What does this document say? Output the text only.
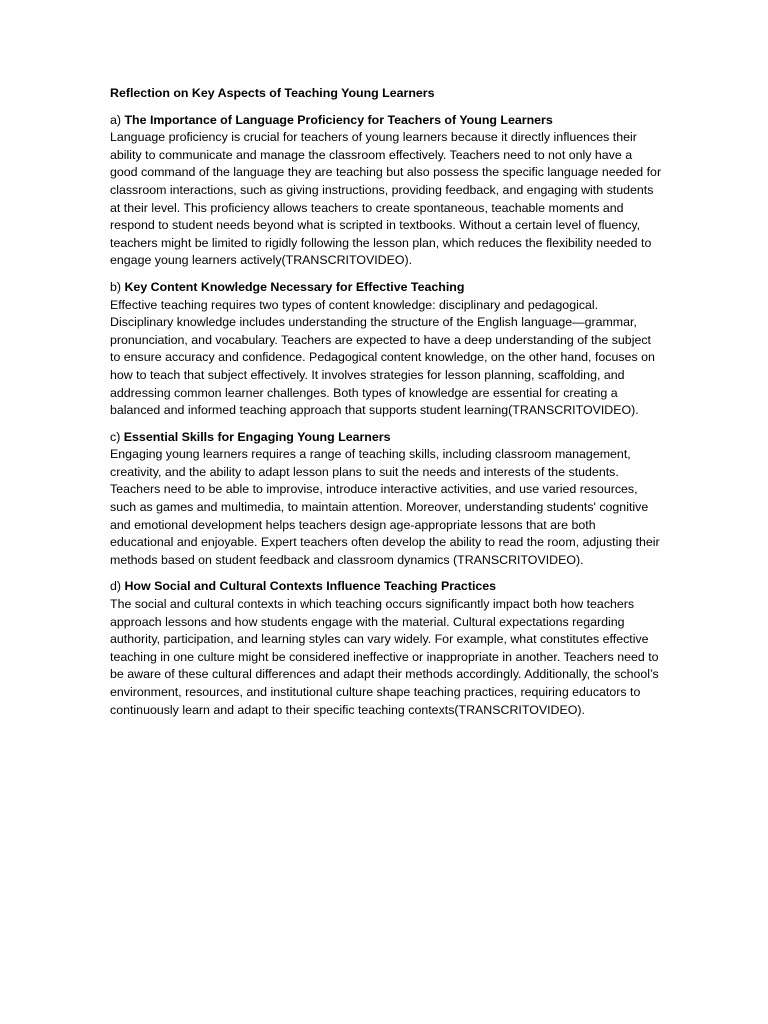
Reflection on Key Aspects of Teaching Young Learners

a) The Importance of Language Proficiency for Teachers of Young Learners

Language proficiency is crucial for teachers of young learners because it directly influences their ability to communicate and manage the classroom effectively. Teachers need to not only have a good command of the language they are teaching but also possess the specific language needed for classroom interactions, such as giving instructions, providing feedback, and engaging with students at their level. This proficiency allows teachers to create spontaneous, teachable moments and respond to student needs beyond what is scripted in textbooks. Without a certain level of fluency, teachers might be limited to rigidly following the lesson plan, which reduces the flexibility needed to engage young learners actively(TRANSCRITOVIDEO).

b) Key Content Knowledge Necessary for Effective Teaching

Effective teaching requires two types of content knowledge: disciplinary and pedagogical. Disciplinary knowledge includes understanding the structure of the English language—grammar, pronunciation, and vocabulary. Teachers are expected to have a deep understanding of the subject to ensure accuracy and confidence. Pedagogical content knowledge, on the other hand, focuses on how to teach that subject effectively. It involves strategies for lesson planning, scaffolding, and addressing common learner challenges. Both types of knowledge are essential for creating a balanced and informed teaching approach that supports student learning(TRANSCRITOVIDEO).

c) Essential Skills for Engaging Young Learners

Engaging young learners requires a range of teaching skills, including classroom management, creativity, and the ability to adapt lesson plans to suit the needs and interests of the students. Teachers need to be able to improvise, introduce interactive activities, and use varied resources, such as games and multimedia, to maintain attention. Moreover, understanding students' cognitive and emotional development helps teachers design age-appropriate lessons that are both educational and enjoyable. Expert teachers often develop the ability to read the room, adjusting their methods based on student feedback and classroom dynamics (TRANSCRITOVIDEO).

d) How Social and Cultural Contexts Influence Teaching Practices

The social and cultural contexts in which teaching occurs significantly impact both how teachers approach lessons and how students engage with the material. Cultural expectations regarding authority, participation, and learning styles can vary widely. For example, what constitutes effective teaching in one culture might be considered ineffective or inappropriate in another. Teachers need to be aware of these cultural differences and adapt their methods accordingly. Additionally, the school’s environment, resources, and institutional culture shape teaching practices, requiring educators to continuously learn and adapt to their specific teaching contexts(TRANSCRITOVIDEO).
